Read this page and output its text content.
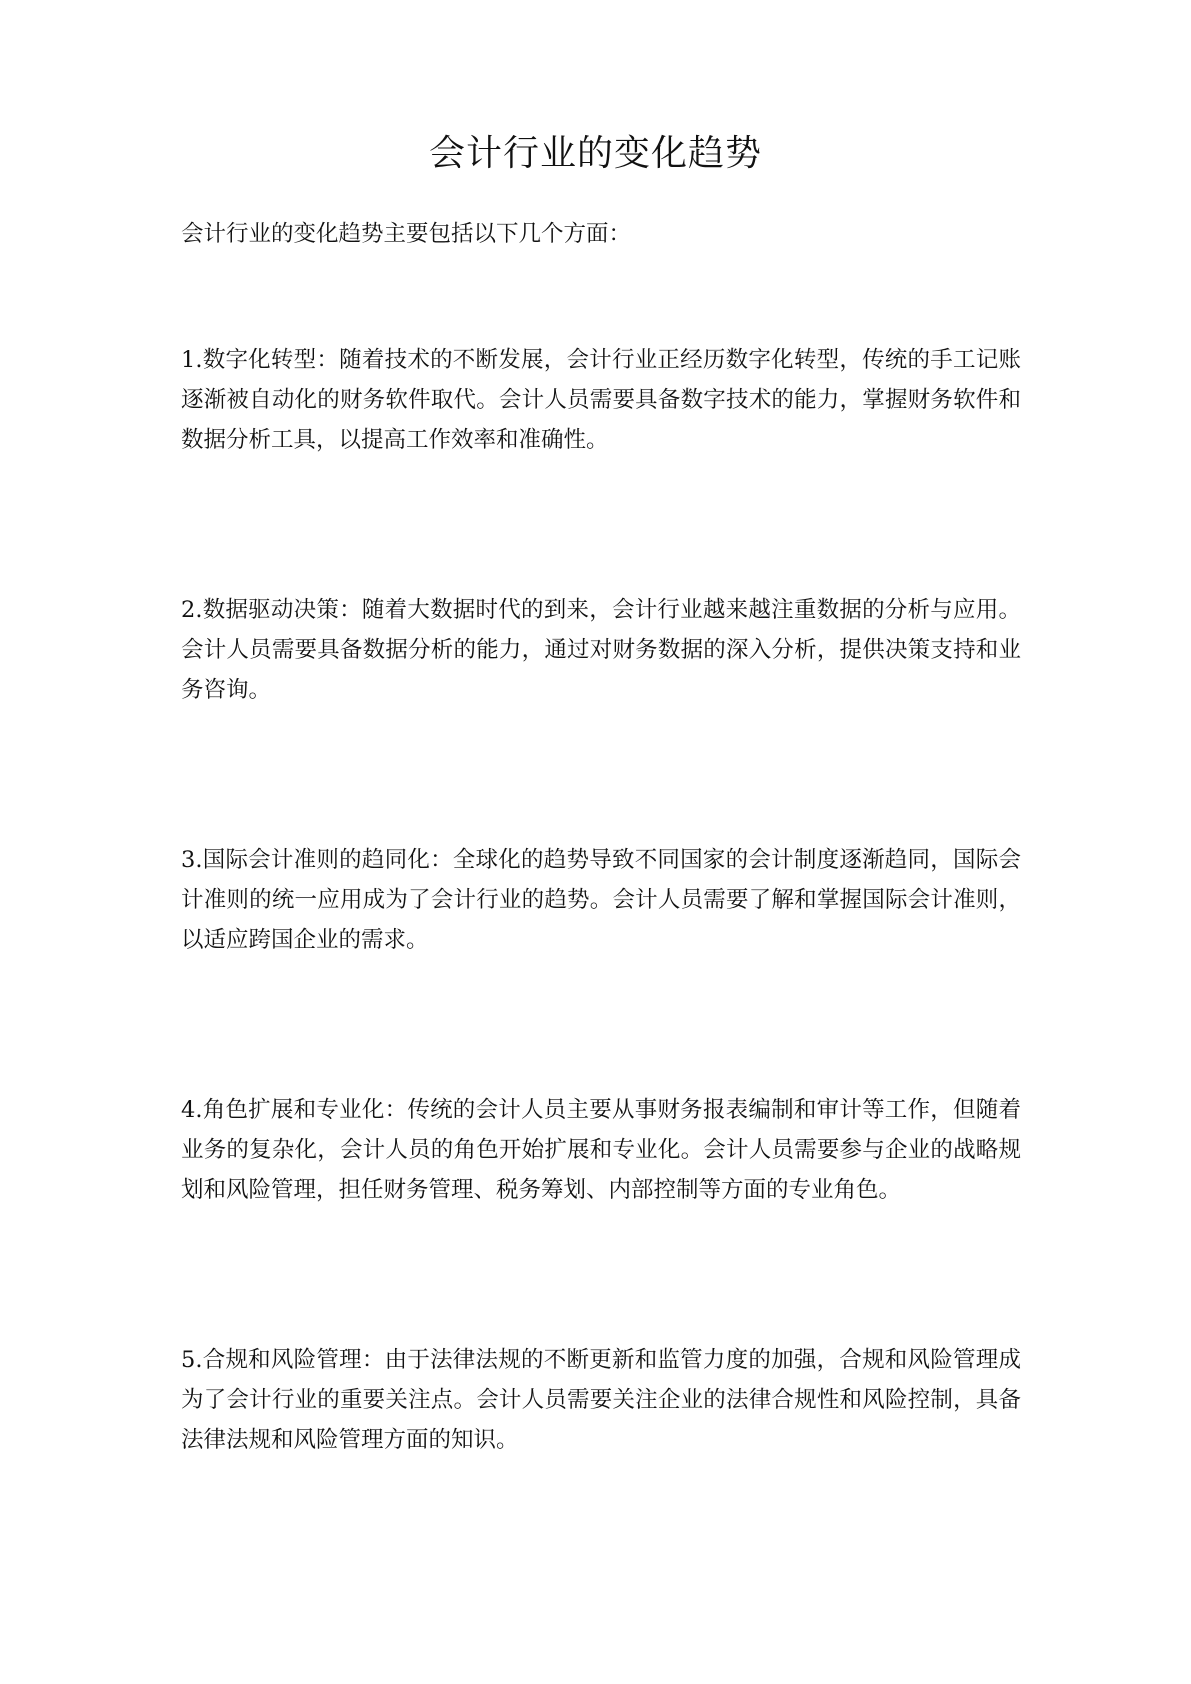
会计行业的变化趋势

会计行业的变化趋势主要包括以下几个方面：

1.数字化转型：随着技术的不断发展，会计行业正经历数字化转型，传统的手工记账逐渐被自动化的财务软件取代。会计人员需要具备数字技术的能力，掌握财务软件和数据分析工具，以提高工作效率和准确性。

2.数据驱动决策：随着大数据时代的到来，会计行业越来越注重数据的分析与应用。会计人员需要具备数据分析的能力，通过对财务数据的深入分析，提供决策支持和业务咨询。

3.国际会计准则的趋同化：全球化的趋势导致不同国家的会计制度逐渐趋同，国际会计准则的统一应用成为了会计行业的趋势。会计人员需要了解和掌握国际会计准则，以适应跨国企业的需求。

4.角色扩展和专业化：传统的会计人员主要从事财务报表编制和审计等工作，但随着业务的复杂化，会计人员的角色开始扩展和专业化。会计人员需要参与企业的战略规划和风险管理，担任财务管理、税务筹划、内部控制等方面的专业角色。

5.合规和风险管理：由于法律法规的不断更新和监管力度的加强，合规和风险管理成为了会计行业的重要关注点。会计人员需要关注企业的法律合规性和风险控制，具备法律法规和风险管理方面的知识。
